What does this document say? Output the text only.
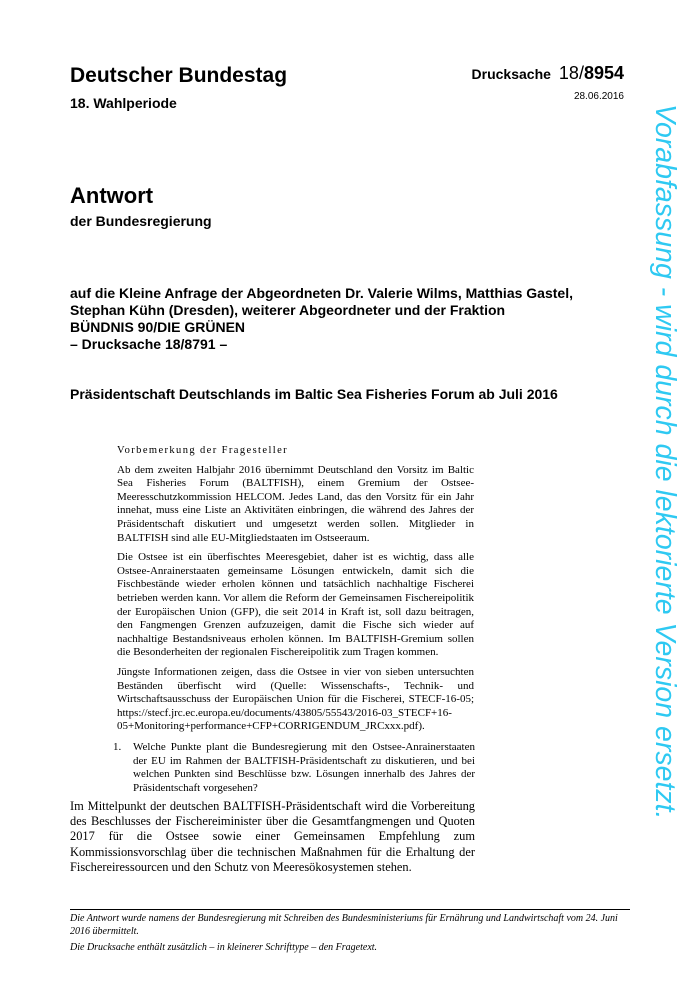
Deutscher Bundestag
18. Wahlperiode
Drucksache 18/8954
28.06.2016
Antwort
der Bundesregierung
auf die Kleine Anfrage der Abgeordneten Dr. Valerie Wilms, Matthias Gastel,
Stephan Kühn (Dresden), weiterer Abgeordneter und der Fraktion
BÜNDNIS 90/DIE GRÜNEN
– Drucksache 18/8791 –
Präsidentschaft Deutschlands im Baltic Sea Fisheries Forum ab Juli 2016
Vorbemerkung der Fragesteller

Ab dem zweiten Halbjahr 2016 übernimmt Deutschland den Vorsitz im Baltic Sea Fisheries Forum (BALTFISH), einem Gremium der Ostsee-Meeresschutzkommission HELCOM. Jedes Land, das den Vorsitz für ein Jahr innehat, muss eine Liste an Aktivitäten einbringen, die während des Jahres der Präsidentschaft diskutiert und umgesetzt werden sollen. Mitglieder in BALTFISH sind alle EU-Mitgliedstaaten im Ostseeraum.

Die Ostsee ist ein überfischtes Meeresgebiet, daher ist es wichtig, dass alle Ostsee-Anrainerstaaten gemeinsame Lösungen entwickeln, damit sich die Fischbestände wieder erholen können und tatsächlich nachhaltige Fischerei betrieben werden kann. Vor allem die Reform der Gemeinsamen Fischereipolitik der Europäischen Union (GFP), die seit 2014 in Kraft ist, soll dazu beitragen, den Fangmengen Grenzen aufzuzeigen, damit die Fische sich wieder auf nachhaltige Bestandsniveaus erholen können. Im BALTFISH-Gremium sollen die Besonderheiten der regionalen Fischereipolitik zum Tragen kommen.

Jüngste Informationen zeigen, dass die Ostsee in vier von sieben untersuchten Beständen überfischt wird (Quelle: Wissenschafts-, Technik- und Wirtschaftsausschuss der Europäischen Union für die Fischerei, STECF-16-05; https://stecf.jrc.ec.europa.eu/documents/43805/55543/2016-03_STECF+16-05+Monitoring+performance+CFP+CORRIGENDUM_JRCxxx.pdf).

1.	Welche Punkte plant die Bundesregierung mit den Ostsee-Anrainerstaaten der EU im Rahmen der BALTFISH-Präsidentschaft zu diskutieren, und bei welchen Punkten sind Beschlüsse bzw. Lösungen innerhalb des Jahres der Präsidentschaft vorgesehen?
Im Mittelpunkt der deutschen BALTFISH-Präsidentschaft wird die Vorbereitung des Beschlusses der Fischereiminister über die Gesamtfangmengen und Quoten 2017 für die Ostsee sowie einer Gemeinsamen Empfehlung zum Kommissionsvorschlag über die technischen Maßnahmen für die Erhaltung der Fischereiressourcen und den Schutz von Meeresökosystemen stehen.

Die Antwort wurde namens der Bundesregierung mit Schreiben des Bundesministeriums für Ernährung und Landwirtschaft vom 24. Juni 2016 übermittelt.

Die Drucksache enthält zusätzlich – in kleinerer Schrifttype – den Fragetext.

Vorabfassung - wird durch die lektorierte Version ersetzt.
